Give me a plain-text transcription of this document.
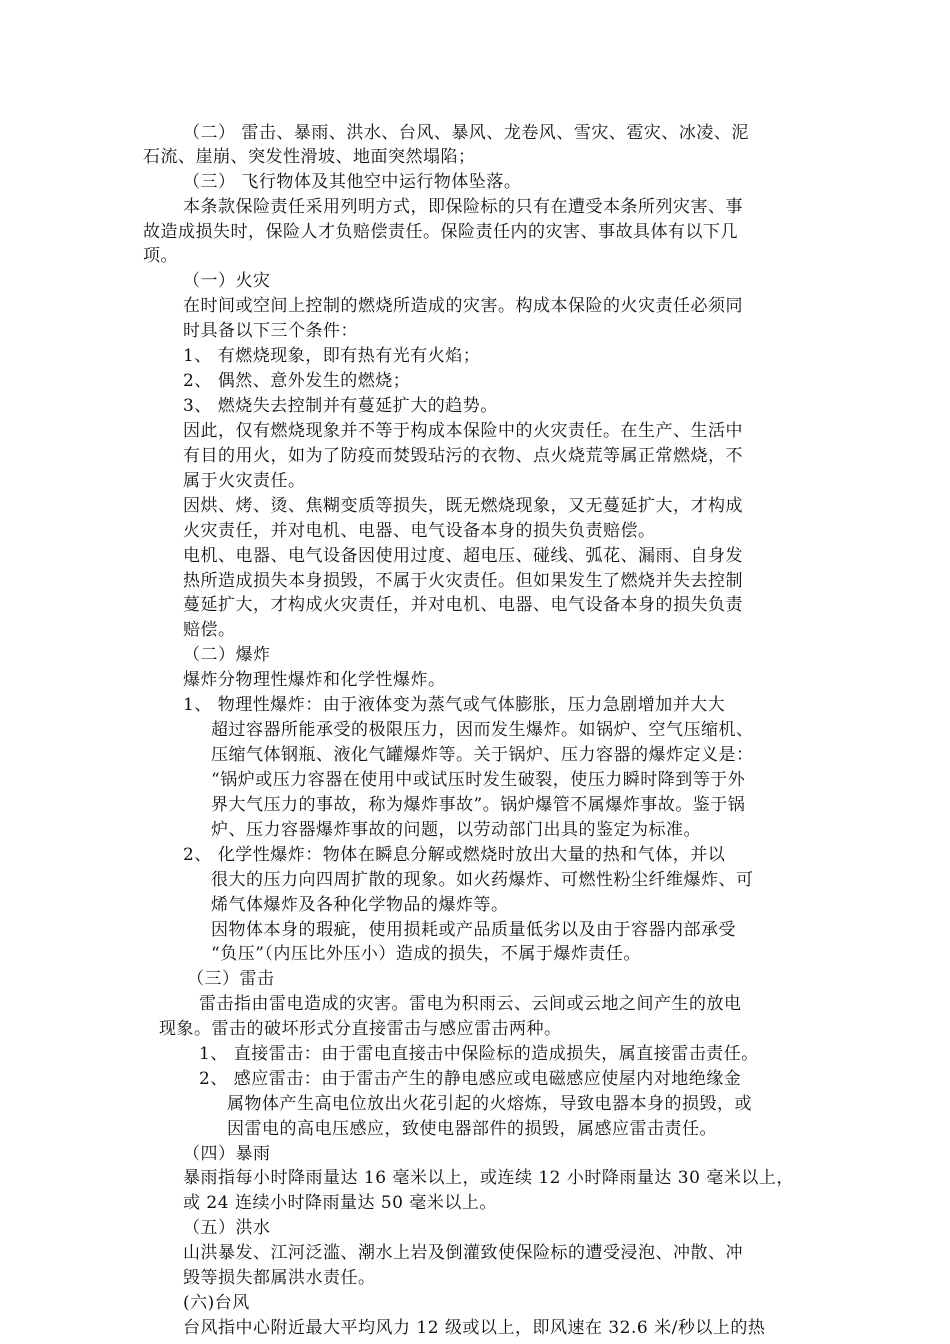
（二） 雷击、暴雨、洪水、台风、暴风、龙卷风、雪灾、雹灾、冰凌、泥
石流、崖崩、突发性滑坡、地面突然塌陷；
（三） 飞行物体及其他空中运行物体坠落。
本条款保险责任采用列明方式，即保险标的只有在遭受本条所列灾害、事
故造成损失时，保险人才负赔偿责任。保险责任内的灾害、事故具体有以下几
项。
（一）火灾
在时间或空间上控制的燃烧所造成的灾害。构成本保险的火灾责任必须同
时具备以下三个条件：
1、 有燃烧现象，即有热有光有火焰；
2、 偶然、意外发生的燃烧；
3、 燃烧失去控制并有蔓延扩大的趋势。
因此，仅有燃烧现象并不等于构成本保险中的火灾责任。在生产、生活中
有目的用火，如为了防疫而焚毁玷污的衣物、点火烧荒等属正常燃烧，不
属于火灾责任。
因烘、烤、烫、焦糊变质等损失，既无燃烧现象，又无蔓延扩大，才构成
火灾责任，并对电机、电器、电气设备本身的损失负责赔偿。
电机、电器、电气设备因使用过度、超电压、碰线、弧花、漏雨、自身发
热所造成损失本身损毁，不属于火灾责任。但如果发生了燃烧并失去控制
蔓延扩大，才构成火灾责任，并对电机、电器、电气设备本身的损失负责
赔偿。
（二）爆炸
爆炸分物理性爆炸和化学性爆炸。
1、 物理性爆炸：由于液体变为蒸气或气体膨胀，压力急剧增加并大大
超过容器所能承受的极限压力，因而发生爆炸。如锅炉、空气压缩机、
压缩气体钢瓶、液化气罐爆炸等。关于锅炉、压力容器的爆炸定义是：
“锅炉或压力容器在使用中或试压时发生破裂，使压力瞬时降到等于外
界大气压力的事故，称为爆炸事故”。锅炉爆管不属爆炸事故。鉴于锅
炉、压力容器爆炸事故的问题，以劳动部门出具的鉴定为标准。
2、 化学性爆炸：物体在瞬息分解或燃烧时放出大量的热和气体，并以
很大的压力向四周扩散的现象。如火药爆炸、可燃性粉尘纤维爆炸、可
烯气体爆炸及各种化学物品的爆炸等。
因物体本身的瑕疵，使用损耗或产品质量低劣以及由于容器内部承受
“负压”（内压比外压小）造成的损失，不属于爆炸责任。
（三）雷击
雷击指由雷电造成的灾害。雷电为积雨云、云间或云地之间产生的放电
现象。雷击的破坏形式分直接雷击与感应雷击两种。
1、 直接雷击：由于雷电直接击中保险标的造成损失，属直接雷击责任。
2、 感应雷击：由于雷击产生的静电感应或电磁感应使屋内对地绝缘金
属物体产生高电位放出火花引起的火熔炼，导致电器本身的损毁，或
因雷电的高电压感应，致使电器部件的损毁，属感应雷击责任。
（四）暴雨
暴雨指每小时降雨量达 16 毫米以上，或连续 12 小时降雨量达 30 毫米以上，
或 24 连续小时降雨量达 50 毫米以上。
（五）洪水
山洪暴发、江河泛滥、潮水上岩及倒灌致使保险标的遭受浸泡、冲散、冲
毁等损失都属洪水责任。
(六)台风
台风指中心附近最大平均风力 12 级或以上，即风速在 32.6 米/秒以上的热
